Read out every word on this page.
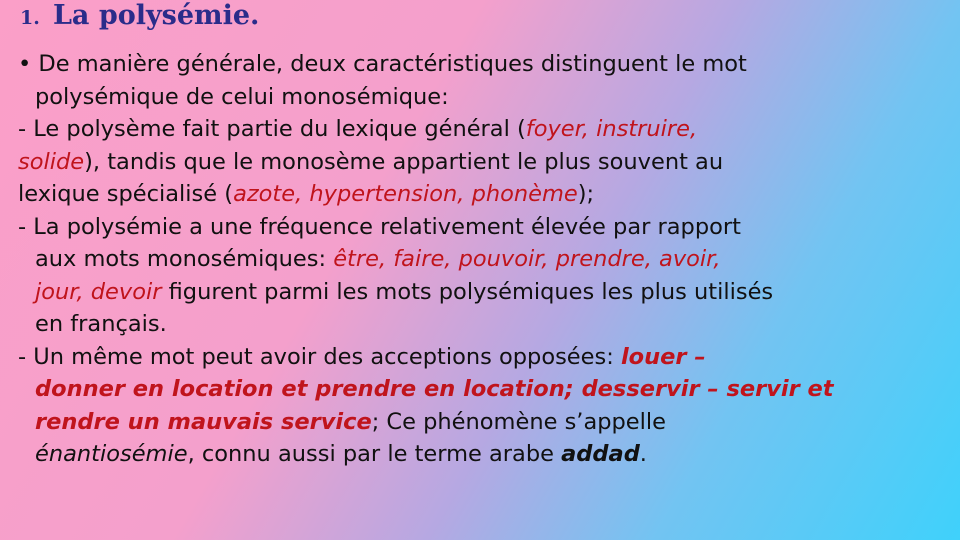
1. La polysémie.
• De manière générale, deux caractéristiques distinguent le mot
polysémique de celui monosémique:
- Le polysème fait partie du lexique général (foyer, instruire,
solide), tandis que le monosème appartient le plus souvent au
lexique spécialisé (azote, hypertension, phonème);
- La polysémie a une fréquence relativement élevée par rapport
aux mots monosémiques: être, faire, pouvoir, prendre, avoir,
jour, devoir figurent parmi les mots polysémiques les plus utilisés
en français.
- Un même mot peut avoir des acceptions opposées: louer –
donner en location et prendre en location; desservir – servir et
rendre un mauvais service; Ce phénomène s’appelle
énantiosémie, connu aussi par le terme arabe addad.
